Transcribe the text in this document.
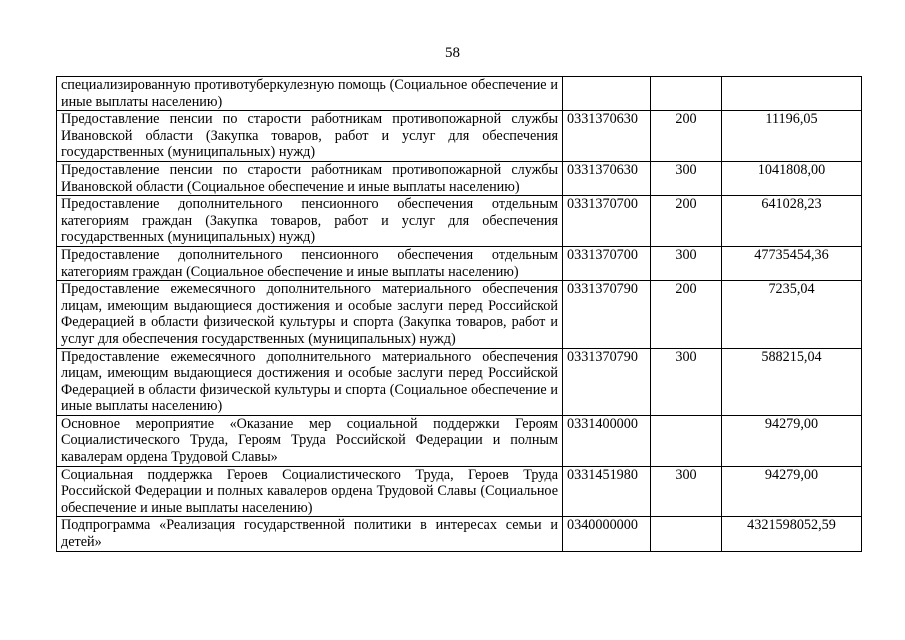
58
специализированную противотуберкулезную помощь (Социальное обеспечение и иные выплаты населению)			
Предоставление пенсии по старости работникам противопожарной службы Ивановской области (Закупка товаров, работ и услуг для обеспечения государственных (муниципальных) нужд)	0331370630	200	11196,05
Предоставление пенсии по старости работникам противопожарной службы Ивановской области (Социальное обеспечение и иные выплаты населению)	0331370630	300	1041808,00
Предоставление дополнительного пенсионного обеспечения отдельным категориям граждан (Закупка товаров, работ и услуг для обеспечения государственных (муниципальных) нужд)	0331370700	200	641028,23
Предоставление дополнительного пенсионного обеспечения отдельным категориям граждан (Социальное обеспечение и иные выплаты населению)	0331370700	300	47735454,36
Предоставление ежемесячного дополнительного материального обеспечения лицам, имеющим выдающиеся достижения и особые заслуги перед Российской Федерацией в области физической культуры и спорта (Закупка товаров, работ и услуг для обеспечения государственных (муниципальных) нужд)	0331370790	200	7235,04
Предоставление ежемесячного дополнительного материального обеспечения лицам, имеющим выдающиеся достижения и особые заслуги перед Российской Федерацией в области физической культуры и спорта (Социальное обеспечение и иные выплаты населению)	0331370790	300	588215,04
Основное мероприятие «Оказание мер социальной поддержки Героям Социалистического Труда, Героям Труда Российской Федерации и полным кавалерам ордена Трудовой Славы»	0331400000		94279,00
Социальная поддержка Героев Социалистического Труда, Героев Труда Российской Федерации и полных кавалеров ордена Трудовой Славы (Социальное обеспечение и иные выплаты населению)	0331451980	300	94279,00
Подпрограмма «Реализация государственной политики в интересах семьи и детей»	0340000000		4321598052,59
